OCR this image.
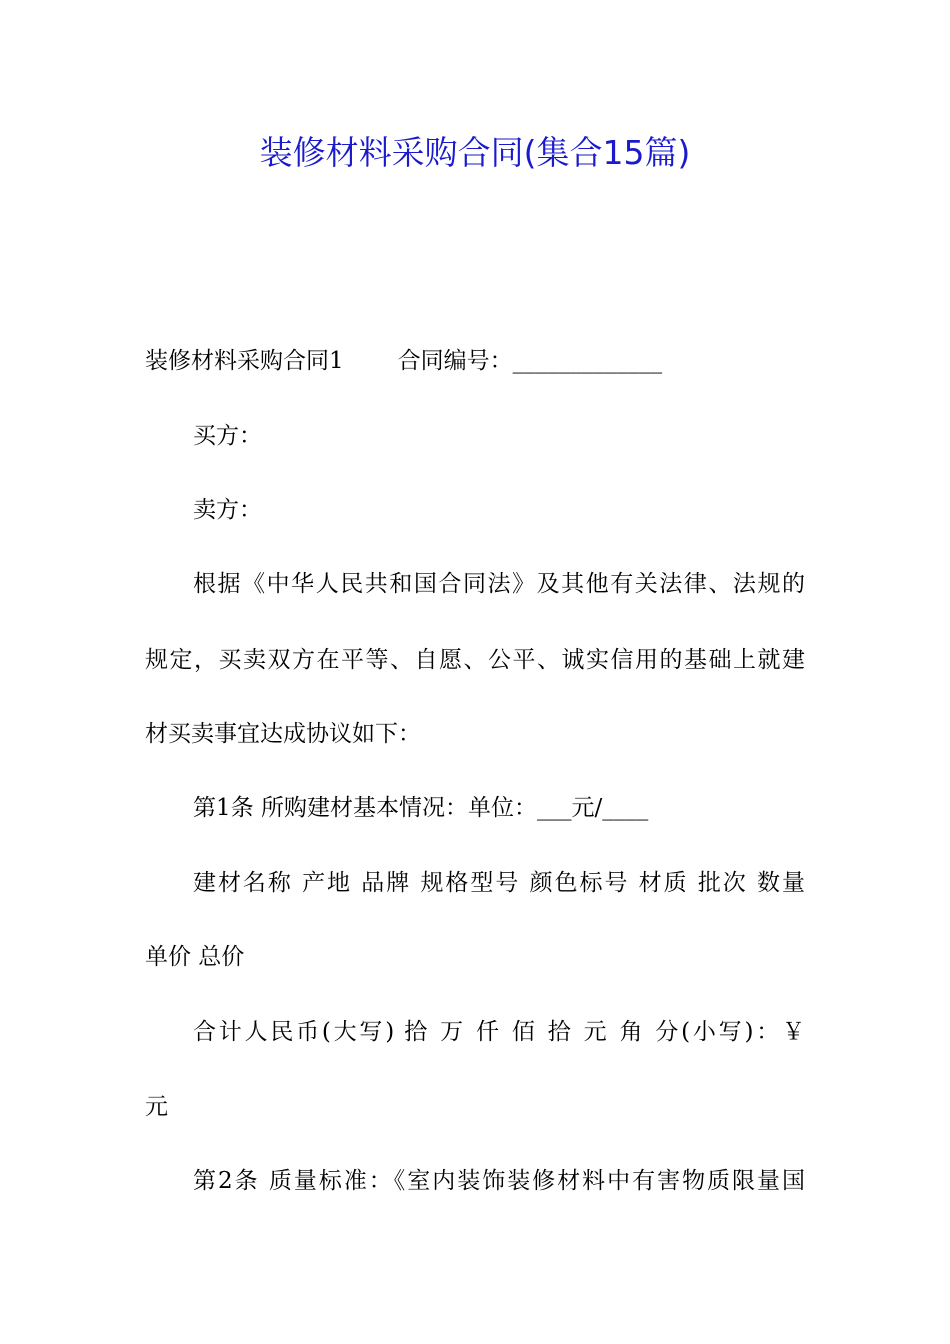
装修材料采购合同(集合15篇)
装修材料采购合同1 合同编号：_____________
买方：
卖方：
根据《中华人民共和国合同法》及其他有关法律、法规的
规定，买卖双方在平等、自愿、公平、诚实信用的基础上就建
材买卖事宜达成协议如下：
第1条 所购建材基本情况：单位：___元/____
建材名称 产地 品牌 规格型号 颜色标号 材质 批次 数量
单价 总价
合计人民币(大写) 拾 万 仟 佰 拾 元 角 分(小写)：￥
元
第2条 质量标准：《室内装饰装修材料中有害物质限量国
